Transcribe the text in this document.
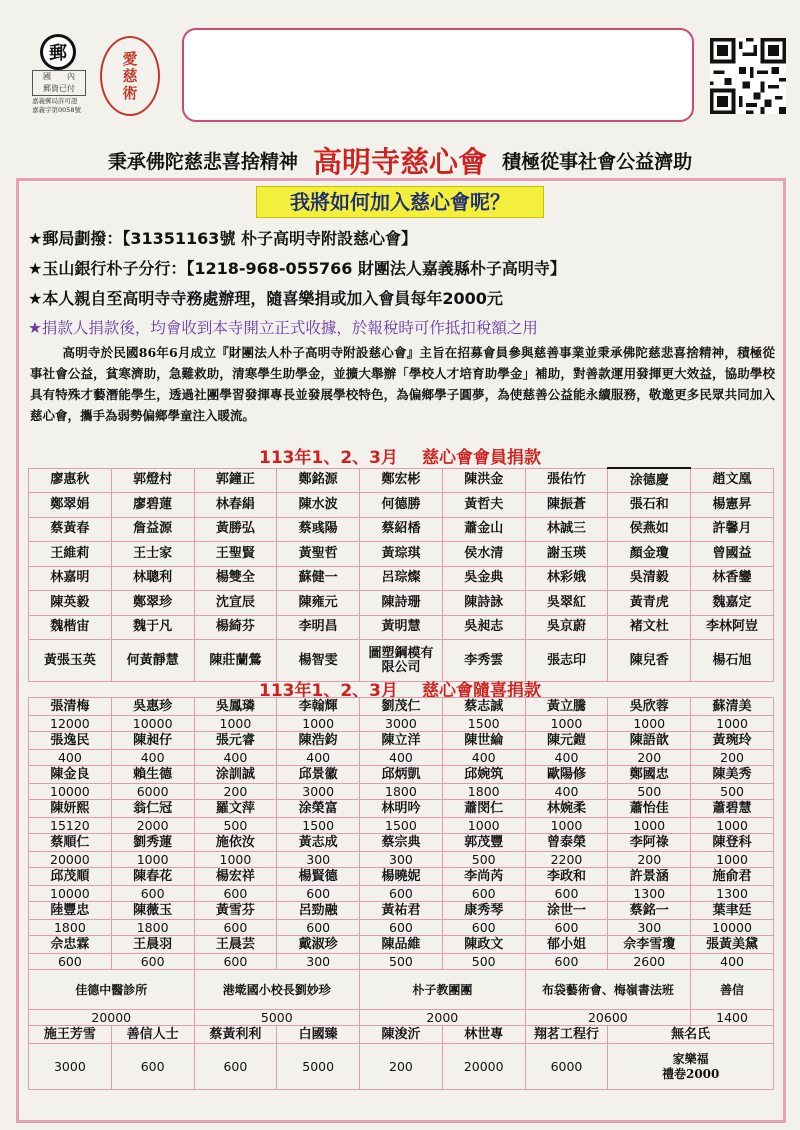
郵
國　　內
郵資已付
嘉義郵局許可證
嘉義字第0058號
愛慈術
秉承佛陀慈悲喜捨精神 高明寺慈心會 積極從事社會公益濟助
我將如何加入慈心會呢？
★郵局劃撥：【31351163號 朴子高明寺附設慈心會】
★玉山銀行朴子分行：【1218-968-055766 財團法人嘉義縣朴子高明寺】
★本人親自至高明寺寺務處辦理，隨喜樂捐或加入會員每年2000元
★捐款人捐款後，均會收到本寺開立正式收據，於報稅時可作抵扣稅額之用
高明寺於民國86年6月成立『財團法人朴子高明寺附設慈心會』主旨在招募會員參與慈善事業並秉承佛陀慈悲喜捨精神，積極從事社會公益，貧寒濟助，急難救助，清寒學生助學金，並擴大舉辦「學校人才培育助學金」補助，對善款運用發揮更大效益，協助學校具有特殊才藝潛能學生，透過社團學習發揮專長並發展學校特色，為偏鄉學子圓夢，為使慈善公益能永續服務，敬邀更多民眾共同加入慈心會，攜手為弱勢偏鄉學童注入暖流。
113年1、2、3月 慈心會會員捐款
廖惠秋	郭燈村	郭鐘正	鄭銘源	鄭宏彬	陳洪金	張佑竹	涂德慶	趙文凰
鄭翠娟	廖碧蓮	林春絹	陳水波	何德勝	黃哲夫	陳振蒼	張石和	楊憲昇
蔡黃春	詹益源	黃勝弘	蔡彧陽	蔡紹楿	蕭金山	林誠三	侯燕如	許馨月
王維莉	王士家	王聖賢	黃聖哲	黃琮琪	侯水清	謝玉瑛	顏金瓊	曾國益
林嘉明	林聰利	楊雙全	蘇健一	呂琮燦	吳金典	林彩娥	吳清毅	林香鑾
陳英毅	鄭翠珍	沈宣辰	陳雍元	陳詩珊	陳詩詠	吳翠紅	黃青虎	魏嘉定
魏楷宙	魏于凡	楊綺芬	李明昌	黃明慧	吳昶志	吳京蔚	褚文杜	李林阿豈
黃張玉英	何黃靜慧	陳莊蘭鶯	楊智雯	圖塑鋼模有限公司	李秀雲	張志印	陳兒香	楊石旭
113年1、2、3月 慈心會隨喜捐款
張清梅	吳惠珍	吳鳳璘	李翰輝	劉茂仁	蔡志誠	黃立騰	吳欣蓉	蘇清美
12000	10000	1000	1000	3000	1500	1000	1000	1000
張逸民	陳昶仔	張元睿	陳浩鈞	陳立洋	陳世綸	陳元鎧	陳語歆	黃琬玲
400	400	400	400	400	400	400	200	200
陳金良	賴生德	涂訓誠	邱景徽	邱炳凱	邱婉筑	歐陽修	鄭國忠	陳美秀
10000	6000	200	3000	1800	1800	400	500	500
陳妍熙	翁仁冠	羅文萍	涂榮富	林明吟	蕭閔仁	林婉柔	蕭怡佳	蕭碧慧
15120	2000	500	1500	1500	1000	1000	1000	1000
蔡順仁	劉秀蓮	施依汝	黃志成	蔡宗典	郭茂豐	曾泰榮	李阿祿	陳登科
20000	1000	1000	300	300	500	2200	200	1000
邱茂順	陳春花	楊宏祥	楊賢德	楊曉妮	李尚芮	李政和	許景涵	施俞君
10000	600	600	600	600	600	600	1300	1300
陸豐忠	陳薇玉	黃雪芬	呂勁融	黃祐君	康秀琴	涂世一	蔡銘一	葉聿廷
1800	1800	600	600	600	600	600	300	10000
佘忠霖	王晨羽	王晨芸	戴淑珍	陳品維	陳政文	郁小姐	佘李雪瓊	張黃美黛
600	600	600	300	500	500	600	2600	400
佳德中醫診所		港墘國小校長劉妙珍		朴子教團團		布袋藝術會、梅嶺書法班		善信
20000		5000		2000		20600		1400
施王芳雪	善信人士	蔡黃利利	白國臻	陳浚沂	林世專	翔茗工程行	無名氏	
3000	600	600	5000	200	20000	6000	家樂福
禮卷2000	
